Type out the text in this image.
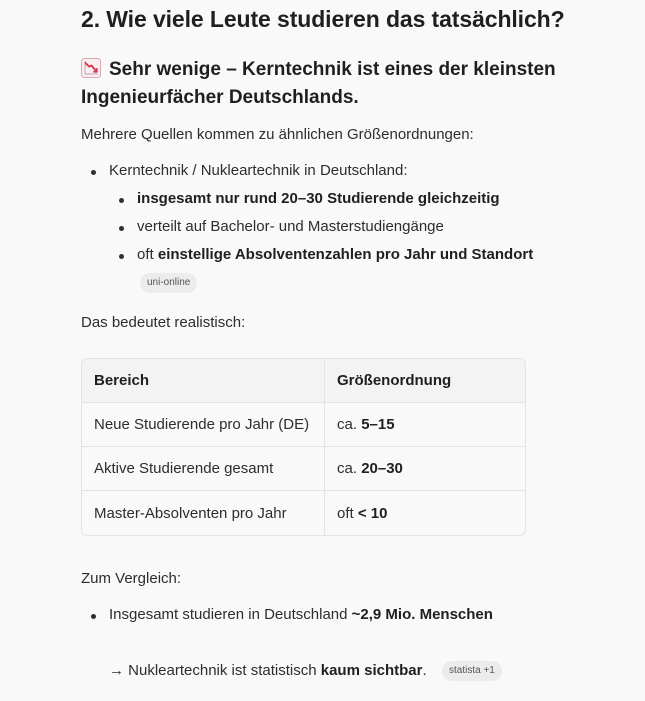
2. Wie viele Leute studieren das tatsächlich?
Sehr wenige – Kerntechnik ist eines der kleinsten Ingenieurfächer Deutschlands.

Mehrere Quellen kommen zu ähnlichen Größenordnungen:

Kerntechnik / Nukleartechnik in Deutschland:
insgesamt nur rund 20–30 Studierende gleichzeitig
verteilt auf Bachelor- und Masterstudiengänge
oft einstellige Absolventenzahlen pro Jahr und Standort
uni-online

Das bedeutet realistisch:

Bereich	Größenordnung
Neue Studierende pro Jahr (DE)	ca. 5–15
Aktive Studierende gesamt	ca. 20–30
Master-Absolventen pro Jahr	oft < 10

Zum Vergleich:

Insgesamt studieren in Deutschland ~2,9 Mio. Menschen
→ Nukleartechnik ist statistisch kaum sichtbar.	statista +1
